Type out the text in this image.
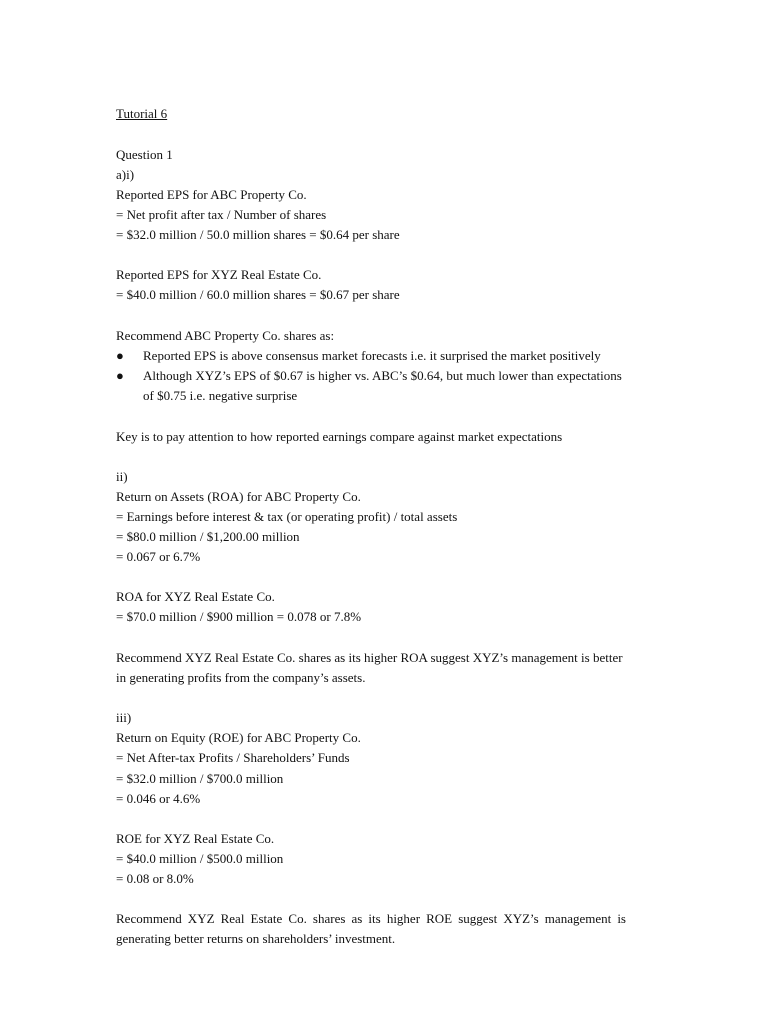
Tutorial 6
Question 1
a)i)
Reported EPS for ABC Property Co.
= Net profit after tax / Number of shares
= $32.0 million / 50.0 million shares = $0.64 per share
Reported EPS for XYZ Real Estate Co.
= $40.0 million / 60.0 million shares = $0.67 per share
Recommend ABC Property Co. shares as:
● Reported EPS is above consensus market forecasts i.e. it surprised the market positively
● Although XYZ’s EPS of $0.67 is higher vs. ABC’s $0.64, but much lower than expectations
of $0.75 i.e. negative surprise
Key is to pay attention to how reported earnings compare against market expectations
ii)
Return on Assets (ROA) for ABC Property Co.
= Earnings before interest & tax (or operating profit) / total assets
= $80.0 million / $1,200.00 million
= 0.067 or 6.7%
ROA for XYZ Real Estate Co.
= $70.0 million / $900 million = 0.078 or 7.8%
Recommend XYZ Real Estate Co. shares as its higher ROA suggest XYZ’s management is better
in generating profits from the company’s assets.
iii)
Return on Equity (ROE) for ABC Property Co.
= Net After-tax Profits / Shareholders’ Funds
= $32.0 million / $700.0 million
= 0.046 or 4.6%
ROE for XYZ Real Estate Co.
= $40.0 million / $500.0 million
= 0.08 or 8.0%
Recommend XYZ Real Estate Co. shares as its higher ROE suggest XYZ’s management is
generating better returns on shareholders’ investment.
